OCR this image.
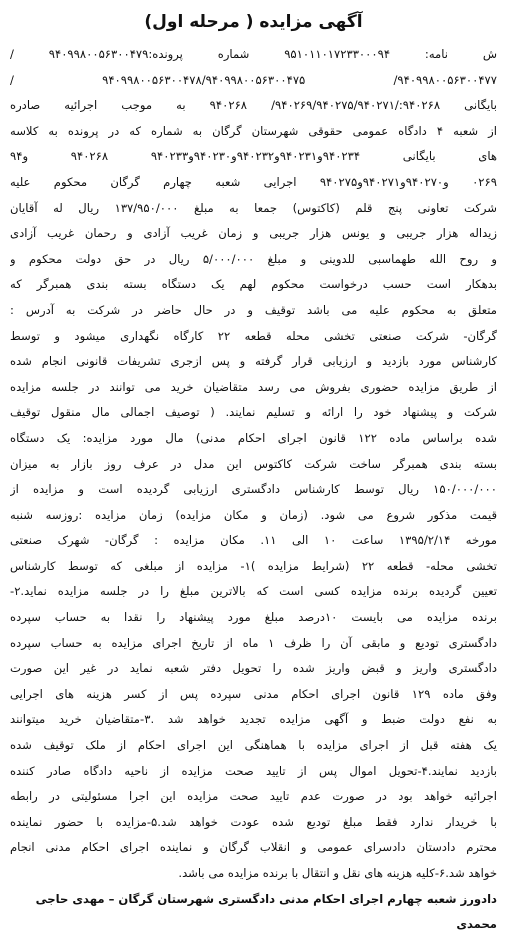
آگهی مزایده ( مرحله اول)
ش نامه: ۹۵۱۰۱۱۰۱۷۲۳۳۰۰۰۹۴ شماره پرونده:۹۴۰۹۹۸۰۰۵۶۳۰۰۴۷۹ /
۹۴۰۹۹۸۰۰۵۶۳۰۰۴۷۷/ ۹۴۰۹۹۸۰۰۵۶۳۰۰۴۷۸/۹۴۰۹۹۸۰۰۵۶۳۰۰۴۷۵ /
بایگانی ۹۴۰۲۶۸:/۹۴۰۲۶۹/۹۴۰۲۷۵/۹۴۰۲۷۱/ ۹۴۰۲۶۸ به موجب اجرائیه صادره
از شعبه ۴ دادگاه عمومی حقوقی شهرستان گرگان به شماره که در پرونده به کلاسه
های بایگانی ۹۴۰۲۳۴و۹۴۰۲۳۱و۹۴۰۲۳۲و۹۴۰۲۳۰و۹۴۰۲۳۳ ۹۴۰۲۶۸ و۹۴
۰۲۶۹ و۹۴۰۲۷۰و۹۴۰۲۷۱و۹۴۰۲۷۵ اجرایی شعبه چهارم گرگان محکوم علیه
شرکت تعاونی پنج قلم (کاکتوس) جمعا به مبلغ ۱۳۷/۹۵۰/۰۰۰ ریال له آقایان
زیداله هزار جریبی و یونس هزار جریبی و زمان غریب آزادی و رحمان غریب آزادی
و روح الله طهماسبی للدوینی و مبلغ ۵/۰۰۰/۰۰۰ ریال در حق دولت محکوم و
بدهکار است حسب درخواست محکوم لهم یک دستگاه بسته بندی همبرگر که
متعلق به محکوم علیه می باشد توقیف و در حال حاضر در شرکت به آدرس :
گرگان- شرکت صنعتی تخشی محله قطعه ۲۲ کارگاه نگهداری میشود و توسط
کارشناس مورد بازدید و ارزیابی قرار گرفته و پس ازجری تشریفات قانونی انجام شده
از طریق مزایده حضوری بفروش می رسد متقاضیان خرید می توانند در جلسه مزایده
شرکت و پیشنهاد خود را ارائه و تسلیم نمایند. ( توصیف اجمالی مال منقول توقیف
شده براساس ماده ۱۲۲ قانون اجرای احکام مدنی) مال مورد مزایده: یک دستگاه
بسته بندی همبرگر ساخت شرکت کاکتوس این مدل در عرف روز بازار به میزان
۱۵۰/۰۰۰/۰۰۰ ریال توسط کارشناس دادگستری ارزیابی گردیده است و مزایده از
قیمت مذکور شروع می شود. (زمان و مکان مزایده) زمان مزایده :روزسه شنبه
مورخه ۱۳۹۵/۲/۱۴ ساعت ۱۰ الی ۱۱. مکان مزایده : گرگان- شهرک صنعتی
تخشی محله- قطعه ۲۲ (شرایط مزایده )۱- مزایده از مبلغی که توسط کارشناس
تعیین گردیده برنده مزایده کسی است که بالاترین مبلغ را در جلسه مزایده نماید.۲-
برنده مزایده می بایست ۱۰درصد مبلغ مورد پیشنهاد را نقدا به حساب سپرده
دادگستری تودیع و مابقی آن را ظرف ۱ ماه از تاریخ اجرای مزایده به حساب سپرده
دادگستری واریز و قبض واریز شده را تحویل دفتر شعبه نماید در غیر این صورت
وفق ماده ۱۲۹ قانون اجرای احکام مدنی سپرده پس از کسر هزینه های اجرایی
به نفع دولت ضبط و آگهی مزایده تجدید خواهد شد .۳-متقاضیان خرید میتوانند
یک هفته قبل از اجرای مزایده با هماهنگی این اجرای احکام از ملک توقیف شده
بازدید نمایند.۴-تحویل اموال پس از تایید صحت مزایده از ناحیه دادگاه صادر کننده
اجرائیه خواهد بود در صورت عدم تایید صحت مزایده این اجرا مسئولیتی در رابطه
با خریدار ندارد فقط مبلغ تودیع شده عودت خواهد شد.۵-مزایده با حضور نماینده
محترم دادستان دادسرای عمومی و انقلاب گرگان و نماینده اجرای احکام مدنی انجام
خواهد شد.۶-کلیه هزینه های نقل و انتقال با برنده مزایده می باشد.
دادورز شعبه چهارم اجرای احکام مدنی دادگستری شهرستان گرگان – مهدی حاجی
محمدی
